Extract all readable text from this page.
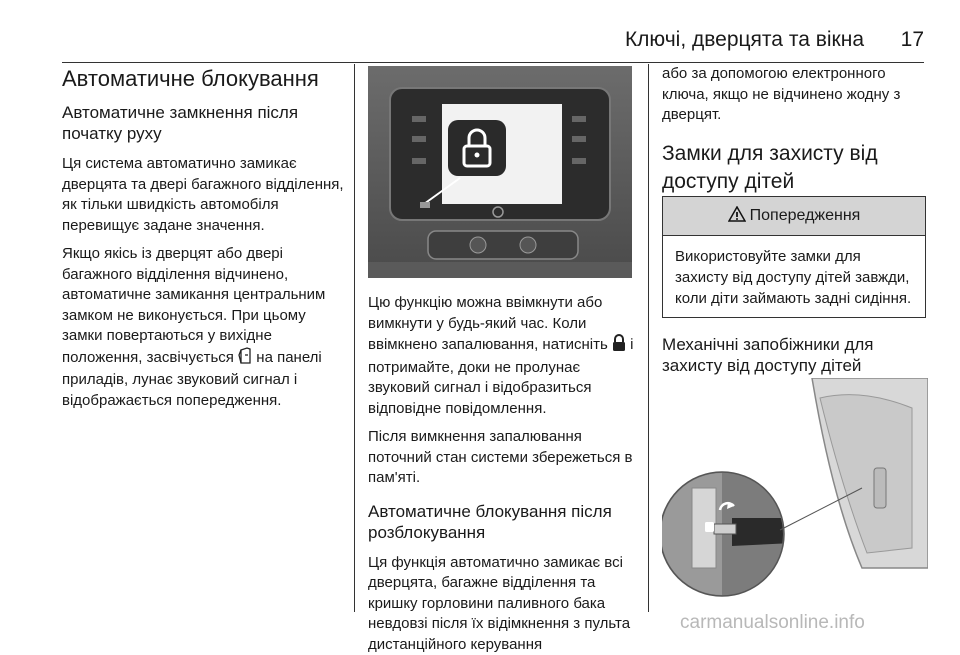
Ключі, дверцята та вікна 17
Автоматичне блокування
Автоматичне замкнення після початку руху

Ця система автоматично замикає дверцята та двері багажного відділення, як тільки швидкість автомобіля перевищує задане значення.

Якщо якісь із дверцят або двері багажного відділення відчинено, автоматичне замикання центральним замком не виконується. При цьому замки повертаються у вихідне положення, засвічується на панелі приладів, лунає звуковий сигнал і відображається попередження.

Цю функцію можна ввімкнути або вимкнути у будь-який час. Коли ввімкнено запалювання, натисніть і потримайте, доки не пролунає звуковий сигнал і відобразиться відповідне повідомлення.

Після вимкнення запалювання поточний стан системи збережеться в пам'яті.

Автоматичне блокування після розблокування

Ця функція автоматично замикає всі дверцята, багажне відділення та кришку горловини паливного бака невдовзі після їх відімкнення з пульта дистанційного керування

або за допомогою електронного ключа, якщо не відчинено жодну з дверцят.

Замки для захисту від доступу дітей
Попередження
Використовуйте замки для захисту від доступу дітей завжди, коли діти займають задні сидіння.
Механічні запобіжники для захисту від доступу дітей
carmanualsonline.info
